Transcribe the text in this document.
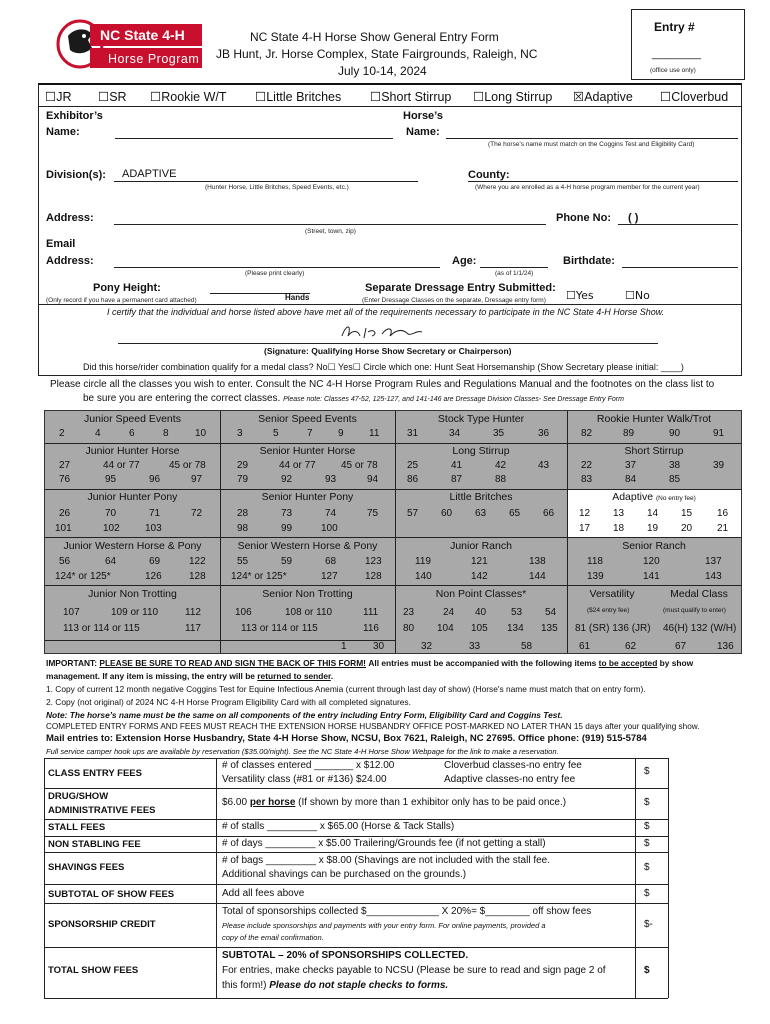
NC State 4-H
Horse Program
NC State 4-H Horse Show General Entry Form
JB Hunt, Jr. Horse Complex, State Fairgrounds, Raleigh, NC
July 10-14, 2024
Entry #
________
(office use only)
☐JR ☐SR ☐Rookie W/T ☐Little Britches ☐Short Stirrup ☐Long Stirrup ☒Adaptive ☐Cloverbud
Exhibitor’s
Name:
Horse’s
Name:
(The horse’s name must match on the Coggins Test and Eligibility Card)
Division(s): ADAPTIVE
(Hunter Horse, Little Britches, Speed Events, etc.)
County:
(Where you are enrolled as a 4-H horse program member for the current year)
Address:
(Street, town, zip)
Phone No: ( )
Email
Address:
(Please print clearly)
Age:
(as of 1/1/24)
Birthdate:
Pony Height:
(Only record if you have a permanent card attached)	Hands
Separate Dressage Entry Submitted:
(Enter Dressage Classes on the separate, Dressage entry form) ☐Yes	☐No
I certify that the individual and horse listed above have met all of the requirements necessary to participate in the NC State 4-H Horse Show.
(Signature: Qualifying Horse Show Secretary or Chairperson)
Did this horse/rider combination qualify for a medal class? No☐ Yes☐ Circle which one: Hunt Seat Horsemanship (Show Secretary please initial: ____)
Please circle all the classes you wish to enter. Consult the NC 4-H Horse Program Rules and Regulations Manual and the footnotes on the class list to
be sure you are entering the correct classes. Please note: Classes 47-52, 125-127, and 141-146 are Dressage Division Classes- See Dressage Entry Form
Junior Speed Events
2	4	6	8	10
Senior Speed Events
3	5	7	9	11
Stock Type Hunter
31	34	35	36
Rookie Hunter Walk/Trot
82	89	90	91
Junior Hunter Horse
27	44 or 77	45 or 78
76	95	96	97
Senior Hunter Horse
29	44 or 77	45 or 78
79	92	93	94
Long Stirrup
25	41	42	43
86	87	88
Short Stirrup
22	37	38	39
83	84	85
Junior Hunter Pony
26	70	71	72
101	102	103
Senior Hunter Pony
28	73	74	75
98	99	100
Little Britches
57 60 63 65 66
Adaptive (No entry fee)
12 13 14 15 16
17 18 19 20 21
Junior Western Horse & Pony
56	64	69	122
124* or 125*	126	128
Senior Western Horse & Pony
55	59	68	123
124* or 125*	127	128
Junior Ranch
119	121	138
140	142	144
Senior Ranch
118	120	137
139	141	143
Junior Non Trotting
107	109 or 110	112
113 or 114 or 115	117
Senior Non Trotting
106	108 or 110	111
113 or 114 or 115	116
1	30
Non Point Classes*
23	24 40 53 54
80 104 105 134 135
32	33	58
Versatility
($24 entry fee)
81 (SR) 136 (JR)
61
Medal Class
(must qualify to enter)
46(H) 132 (W/H)
62	67	136
IMPORTANT: PLEASE BE SURE TO READ AND SIGN THE BACK OF THIS FORM! All entries must be accompanied with the following items to be accepted by show
management. If any item is missing, the entry will be returned to sender.
1. Copy of current 12 month negative Coggins Test for Equine Infectious Anemia (current through last day of show) (Horse's name must match that on entry form).
2. Copy (not original) of 2024 NC 4-H Horse Program Eligibility Card with all completed signatures.
Note: The horse’s name must be the same on all components of the entry including Entry Form, Eligibility Card and Coggins Test.
COMPLETED ENTRY FORMS AND FEES MUST REACH THE EXTENSION HORSE HUSBANDRY OFFICE POST-MARKED NO LATER THAN 15 days after your qualifying show.
Mail entries to: Extension Horse Husbandry, State 4-H Horse Show, NCSU, Box 7621, Raleigh, NC 27695. Office phone: (919) 515-5784
Full service camper hook ups are available by reservation ($35.00/night). See the NC State 4-H Horse Show Webpage for the link to make a reservation.
CLASS ENTRY FEES
# of classes entered _______ x $12.00	Cloverbud classes-no entry fee
Versatility class (#81 or #136) $24.00	Adaptive classes-no entry fee
$
DRUG/SHOW
ADMINISTRATIVE FEES
$6.00 per horse (If shown by more than 1 exhibitor only has to be paid once.)	$
STALL FEES	# of stalls _________ x $65.00 (Horse & Tack Stalls)	$
NON STABLING FEE	# of days _________ x $5.00 Trailering/Grounds fee (if not getting a stall)	$
SHAVINGS FEES
# of bags _________ x $8.00 (Shavings are not included with the stall fee.
Additional shavings can be purchased on the grounds.)
$
SUBTOTAL OF SHOW FEES	Add all fees above	$
SPONSORSHIP CREDIT
Total of sponsorships collected $_____________ X 20%= $________ off show fees
Please include sponsorships and payments with your entry form. For online payments, provided a
copy of the email confirmation.
$-
TOTAL SHOW FEES
SUBTOTAL – 20% of SPONSORSHIPS COLLECTED.
For entries, make checks payable to NCSU (Please be sure to read and sign page 2 of
this form!) Please do not staple checks to forms.
$
